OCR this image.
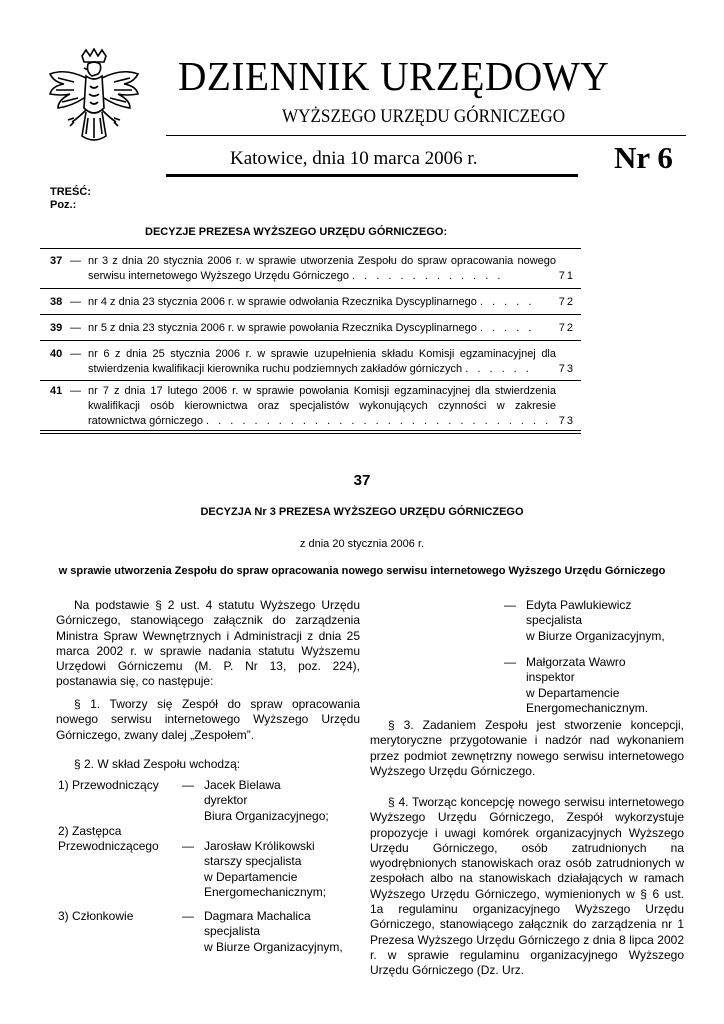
DZIENNIK URZĘDOWY
WYŻSZEGO URZĘDU GÓRNICZEGO
Katowice, dnia 10 marca 2006 r.	Nr 6
TREŚĆ:
Poz.:
DECYZJE PREZESA WYŻSZEGO URZĘDU GÓRNICZEGO:
37 — nr 3 z dnia 20 stycznia 2006 r. w sprawie utworzenia Zespołu do spraw opracowania nowego serwisu internetowego Wyższego Urzędu Górniczego . . . . . . . . . . . . .	71
38 — nr 4 z dnia 23 stycznia 2006 r. w sprawie odwołania Rzecznika Dyscyplinarnego . . . . .	72
39 — nr 5 z dnia 23 stycznia 2006 r. w sprawie powołania Rzecznika Dyscyplinarnego . . . . .	72
40 — nr 6 z dnia 25 stycznia 2006 r. w sprawie uzupełnienia składu Komisji egzaminacyjnej dla stwierdzenia kwalifikacji kierownika ruchu podziemnych zakładów górniczych . . . . . .	73
41 — nr 7 z dnia 17 lutego 2006 r. w sprawie powołania Komisji egzaminacyjnej dla stwierdzenia kwalifikacji osób kierownictwa oraz specjalistów wykonujących czynności w zakresie ratownictwa górniczego . . . . . . . . . . . . . . . . . . . . . . . . . . . . . 73
37
DECYZJA Nr 3 PREZESA WYŻSZEGO URZĘDU GÓRNICZEGO
z dnia 20 stycznia 2006 r.
w sprawie utworzenia Zespołu do spraw opracowania nowego serwisu internetowego Wyższego Urzędu Górniczego

Na podstawie § 2 ust. 4 statutu Wyższego Urzędu Górniczego, stanowiącego załącznik do zarządzenia Ministra Spraw Wewnętrznych i Administracji z dnia 25 marca 2002 r. w sprawie nadania statutu Wyższemu Urzędowi Górniczemu (M. P. Nr 13, poz. 224), postanawia się, co następuje:

§ 1. Tworzy się Zespół do spraw opracowania nowego serwisu internetowego Wyższego Urzędu Górniczego, zwany dalej „Zespołem”.

§ 2. W skład Zespołu wchodzą:

1) Przewodniczący	— Jacek Bielawa
dyrektor
Biura Organizacyjnego;
2) Zastępca Przewodniczącego	— Jarosław Królikowski
starszy specjalista
w Departamencie Energomechanicznym;
3) Członkowie	— Dagmara Machalica
specjalista
w Biurze Organizacyjnym,
— Edyta Pawlukiewicz
specjalista
w Biurze Organizacyjnym,
— Małgorzata Wawro
inspektor
w Departamencie Energomechanicznym.

§ 3. Zadaniem Zespołu jest stworzenie koncepcji, merytoryczne przygotowanie i nadzór nad wykonaniem przez podmiot zewnętrzny nowego serwisu internetowego Wyższego Urzędu Górniczego.

§ 4. Tworząc koncepcję nowego serwisu internetowego Wyższego Urzędu Górniczego, Zespół wykorzystuje propozycje i uwagi komórek organizacyjnych Wyższego Urzędu Górniczego, osób zatrudnionych na wyodrębnionych stanowiskach oraz osób zatrudnionych w zespołach albo na stanowiskach działających w ramach Wyższego Urzędu Górniczego, wymienionych w § 6 ust. 1a regulaminu organizacyjnego Wyższego Urzędu Górniczego, stanowiącego załącznik do zarządzenia nr 1 Prezesa Wyższego Urzędu Górniczego z dnia 8 lipca 2002 r. w sprawie regulaminu organizacyjnego Wyższego Urzędu Górniczego (Dz. Urz.
